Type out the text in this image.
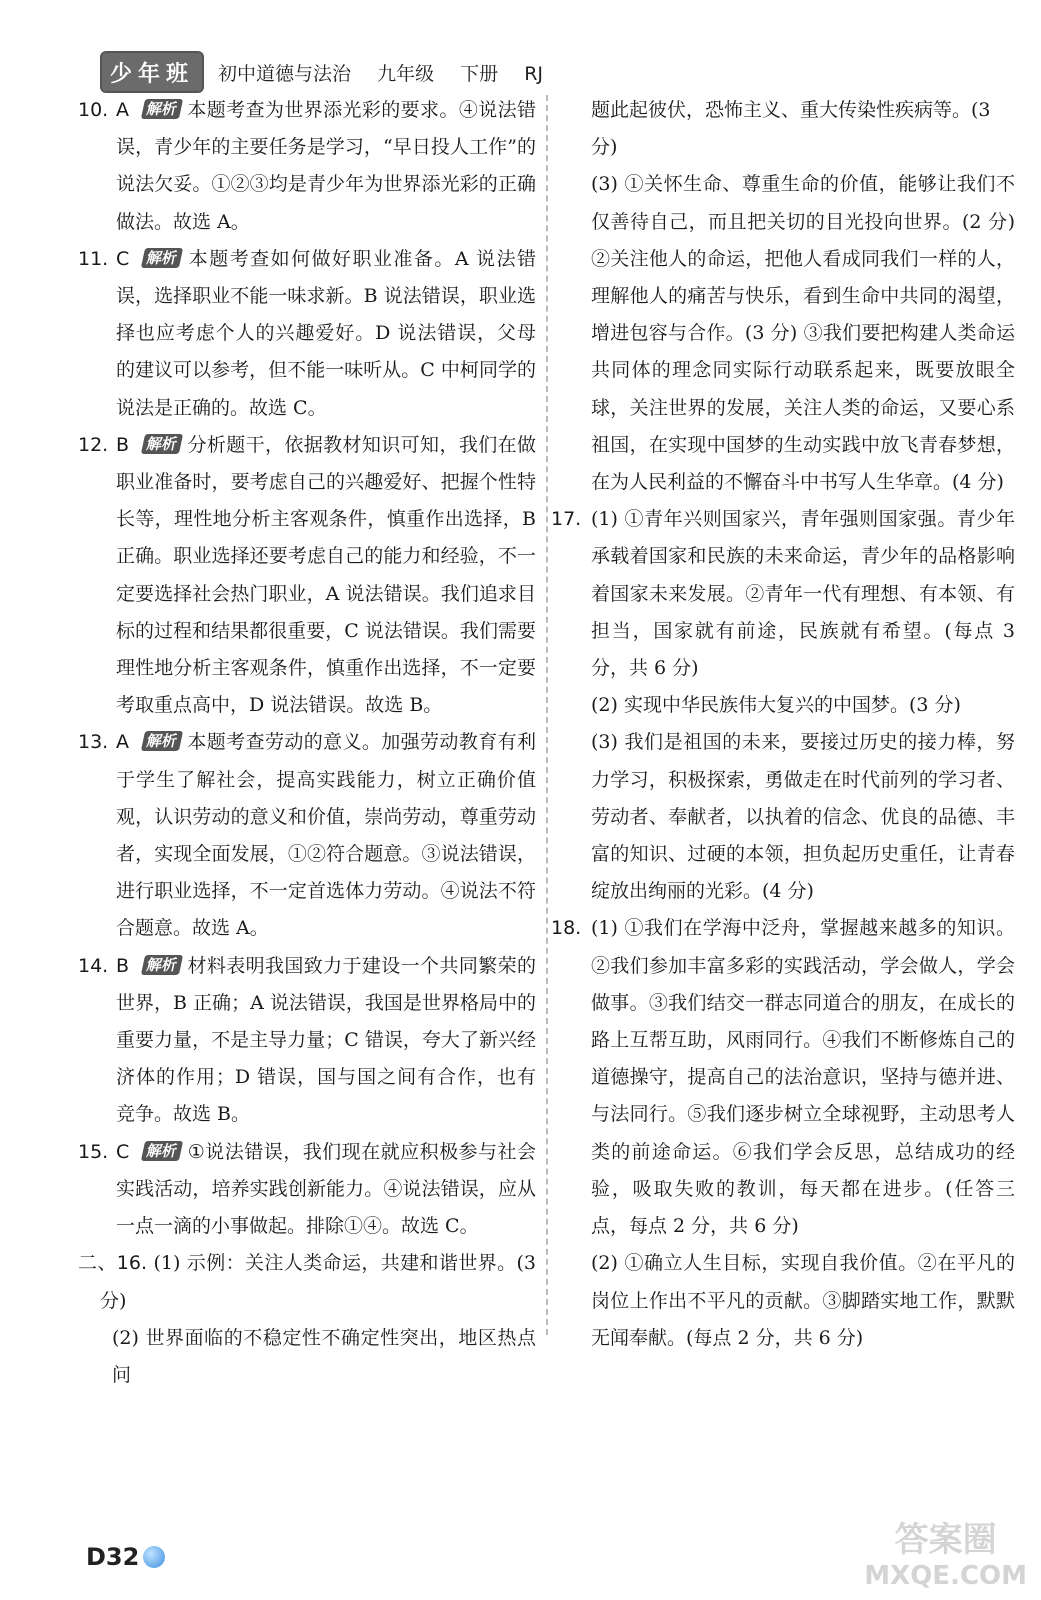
少年班	初中道德与法治 九年级 下册 RJ
10. A 解析 本题考查为世界添光彩的要求。④说法错误，青少年的主要任务是学习，“早日投人工作”的说法欠妥。①②③均是青少年为世界添光彩的正确做法。故选 A。
11. C 解析 本题考查如何做好职业准备。A 说法错误，选择职业不能一味求新。B 说法错误，职业选择也应考虑个人的兴趣爱好。D 说法错误，父母的建议可以参考，但不能一味听从。C 中柯同学的说法是正确的。故选 C。
12. B 解析 分析题干，依据教材知识可知，我们在做职业准备时，要考虑自己的兴趣爱好、把握个性特长等，理性地分析主客观条件，慎重作出选择，B 正确。职业选择还要考虑自己的能力和经验，不一定要选择社会热门职业，A 说法错误。我们追求目标的过程和结果都很重要，C 说法错误。我们需要理性地分析主客观条件，慎重作出选择，不一定要考取重点高中，D 说法错误。故选 B。
13. A 解析 本题考查劳动的意义。加强劳动教育有利于学生了解社会，提高实践能力，树立正确价值观，认识劳动的意义和价值，崇尚劳动，尊重劳动者，实现全面发展，①②符合题意。③说法错误，进行职业选择，不一定首选体力劳动。④说法不符合题意。故选 A。
14. B 解析 材料表明我国致力于建设一个共同繁荣的世界，B 正确；A 说法错误，我国是世界格局中的重要力量，不是主导力量；C 错误，夸大了新兴经济体的作用；D 错误，国与国之间有合作，也有竞争。故选 B。
15. C 解析 ①说法错误，我们现在就应积极参与社会实践活动，培养实践创新能力。④说法错误，应从一点一滴的小事做起。排除①④。故选 C。
二、16. (1) 示例：关注人类命运，共建和谐世界。(3 分)
(2) 世界面临的不稳定性不确定性突出，地区热点问
题此起彼伏，恐怖主义、重大传染性疾病等。(3 分)
(3) ①关怀生命、尊重生命的价值，能够让我们不仅善待自己，而且把关切的目光投向世界。(2 分) ②关注他人的命运，把他人看成同我们一样的人，理解他人的痛苦与快乐，看到生命中共同的渴望，增进包容与合作。(3 分) ③我们要把构建人类命运共同体的理念同实际行动联系起来，既要放眼全球，关注世界的发展，关注人类的命运，又要心系祖国，在实现中国梦的生动实践中放飞青春梦想，在为人民利益的不懈奋斗中书写人生华章。(4 分)
17. (1) ①青年兴则国家兴，青年强则国家强。青少年承载着国家和民族的未来命运，青少年的品格影响着国家未来发展。②青年一代有理想、有本领、有担当，国家就有前途，民族就有希望。(每点 3 分，共 6 分)
(2) 实现中华民族伟大复兴的中国梦。(3 分)
(3) 我们是祖国的未来，要接过历史的接力棒，努力学习，积极探索，勇做走在时代前列的学习者、劳动者、奉献者，以执着的信念、优良的品德、丰富的知识、过硬的本领，担负起历史重任，让青春绽放出绚丽的光彩。(4 分)
18. (1) ①我们在学海中泛舟，掌握越来越多的知识。②我们参加丰富多彩的实践活动，学会做人，学会做事。③我们结交一群志同道合的朋友，在成长的路上互帮互助，风雨同行。④我们不断修炼自己的道德操守，提高自己的法治意识，坚持与德并进、与法同行。⑤我们逐步树立全球视野，主动思考人类的前途命运。⑥我们学会反思，总结成功的经验，吸取失败的教训，每天都在进步。(任答三点，每点 2 分，共 6 分)
(2) ①确立人生目标，实现自我价值。②在平凡的岗位上作出不平凡的贡献。③脚踏实地工作，默默无闻奉献。(每点 2 分，共 6 分)
D32	答案圈
MXQE.COM
